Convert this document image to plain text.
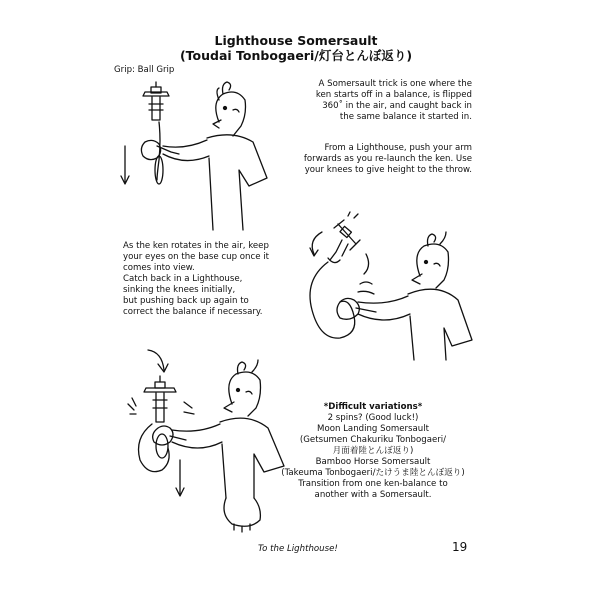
Lighthouse Somersault
(Toudai Tonbogaeri/灯台とんぼ返り)
Grip: Ball Grip
A Somersault trick is one where the
ken starts off in a balance, is flipped
360˚ in the air, and caught back in
the same balance it started in.
From a Lighthouse, push your arm
forwards as you re-launch the ken. Use
your knees to give height to the throw.
As the ken rotates in the air, keep
your eyes on the base cup once it
comes into view.
Catch back in a Lighthouse,
sinking the knees initially,
but pushing back up again to
correct the balance if necessary.
*Difficult variations*
2 spins? (Good luck!)
Moon Landing Somersault
(Getsumen Chakuriku Tonbogaeri/
月面着陸とんぼ返り)
Bamboo Horse Somersault
(Takeuma Tonbogaeri/たけうま陸とんぼ返り)
Transition from one ken-balance to
another with a Somersault.
To the Lighthouse!	19
